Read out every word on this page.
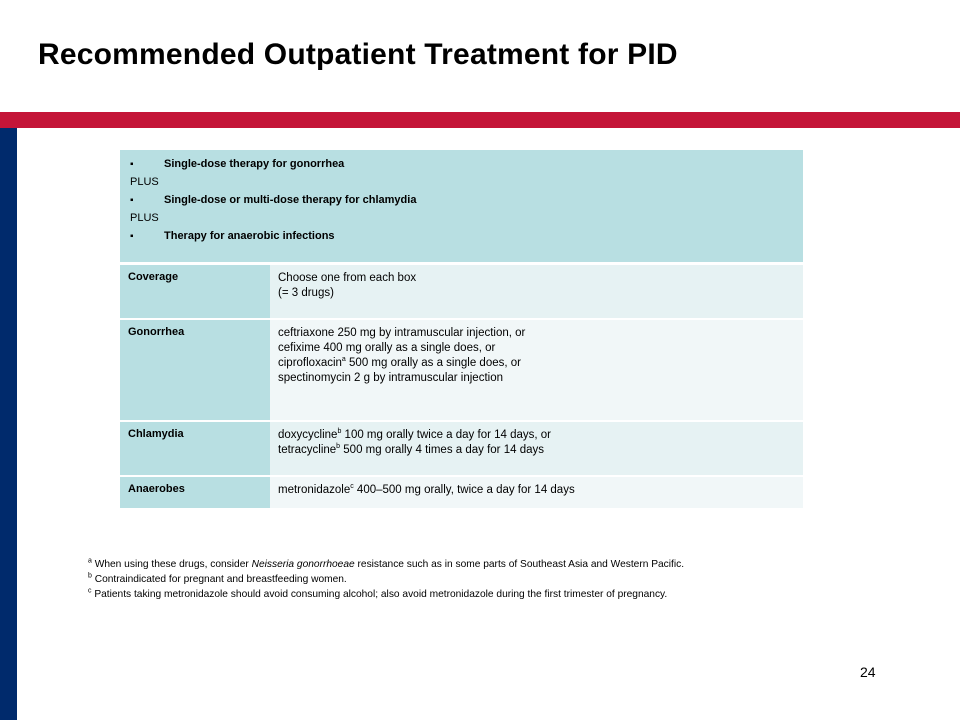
Recommended Outpatient Treatment for PID
▪	Single-dose therapy for gonorrhea
PLUS
▪	Single-dose or multi-dose therapy for chlamydia
PLUS
▪	Therapy for anaerobic infections
Coverage	Choose one from each box
(= 3 drugs)
Gonorrhea	ceftriaxone 250 mg by intramuscular injection, or
cefixime 400 mg orally as a single does, or
ciprofloxacin$^a$ 500 mg orally as a single does, or
spectinomycin 2 g by intramuscular injection
Chlamydia	doxycycline$^b$ 100 mg orally twice a day for 14 days, or
tetracycline$^b$ 500 mg orally 4 times a day for 14 days
Anaerobes	metronidazole$^c$ 400–500 mg orally, twice a day for 14 days
$^a$ When using these drugs, consider Neisseria gonorrhoeae resistance such as in some parts of Southeast Asia and Western Pacific.
$^b$ Contraindicated for pregnant and breastfeeding women.
$^c$ Patients taking metronidazole should avoid consuming alcohol; also avoid metronidazole during the first trimester of pregnancy.
24
